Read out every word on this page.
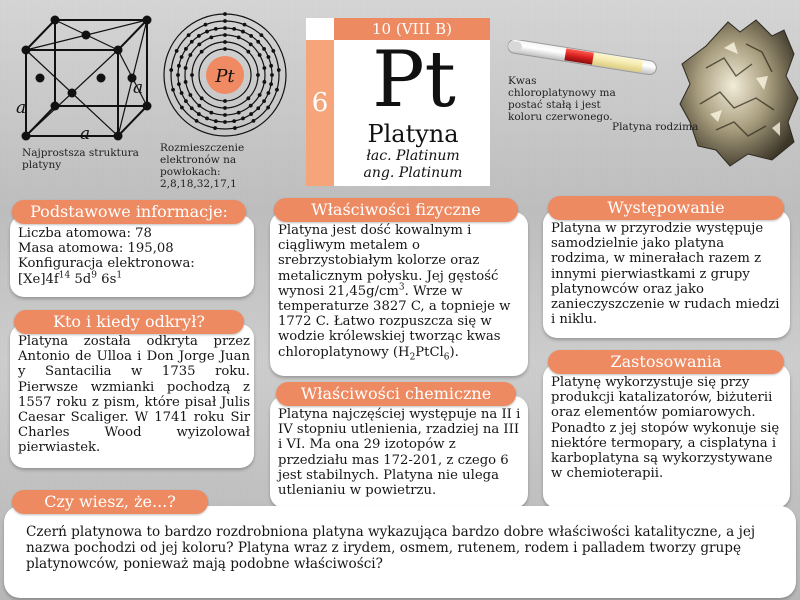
a
a
a
Najprostsza struktura platyny
Pt
Rozmieszczenie elektronów na powłokach: 2,8,18,32,17,1
10 (VIII B)
6 Pt
Platyna
łac. Platinum
ang. Platinum
Kwas chloroplatynowy ma postać stałą i jest koloru czerwonego.
Platyna rodzima
Liczba atomowa: 78
Masa atomowa: 195,08
Konfiguracja elektronowa:
$[Xe]4f^{14}$ $5d^9$ $6s^1$
Podstawowe informacje:
Platyna została odkryta przez Antonio de Ulloa i Don Jorge Juan y Santacilia w 1735 roku. Pierwsze wzmianki pochodzą z 1557 roku z pism, które pisał Julis Caesar Scaliger. W 1741 roku Sir Charles Wood wyizolował pierwiastek.
Kto i kiedy odkrył?
Platyna jest dość kowalnym i ciągliwym metalem o srebrzystobiałym kolorze oraz metalicznym połysku. Jej gęstość wynosi $21,45g/cm^3$. Wrze w temperaturze 3827 C, a topnieje w 1772 C. Łatwo rozpuszcza się w wodzie królewskiej tworząc kwas chloroplatynowy $(H_2PtCl_6)$.
Właściwości fizyczne
Platyna najczęściej występuje na II i IV stopniu utlenienia, rzadziej na III i VI. Ma ona 29 izotopów z przedziału mas 172-201, z czego 6 jest stabilnych. Platyna nie ulega utlenianiu w powietrzu.
Właściwości chemiczne
Platyna w przyrodzie występuje samodzielnie jako platyna rodzima, w minerałach razem z innymi pierwiastkami z grupy platynowców oraz jako zanieczyszczenie w rudach miedzi i niklu.
Występowanie
Platynę wykorzystuje się przy produkcji katalizatorów, biżuterii oraz elementów pomiarowych. Ponadto z jej stopów wykonuje się niektóre termopary, a cisplatyna i karboplatyna są wykorzystywane w chemioterapii.
Zastosowania
Czerń platynowa to bardzo rozdrobniona platyna wykazująca bardzo dobre właściwości katalityczne, a jej nazwa pochodzi od jej koloru? Platyna wraz z irydem, osmem, rutenem, rodem i palladem tworzy grupę platynowców, ponieważ mają podobne właściwości?
Czy wiesz, że...?
